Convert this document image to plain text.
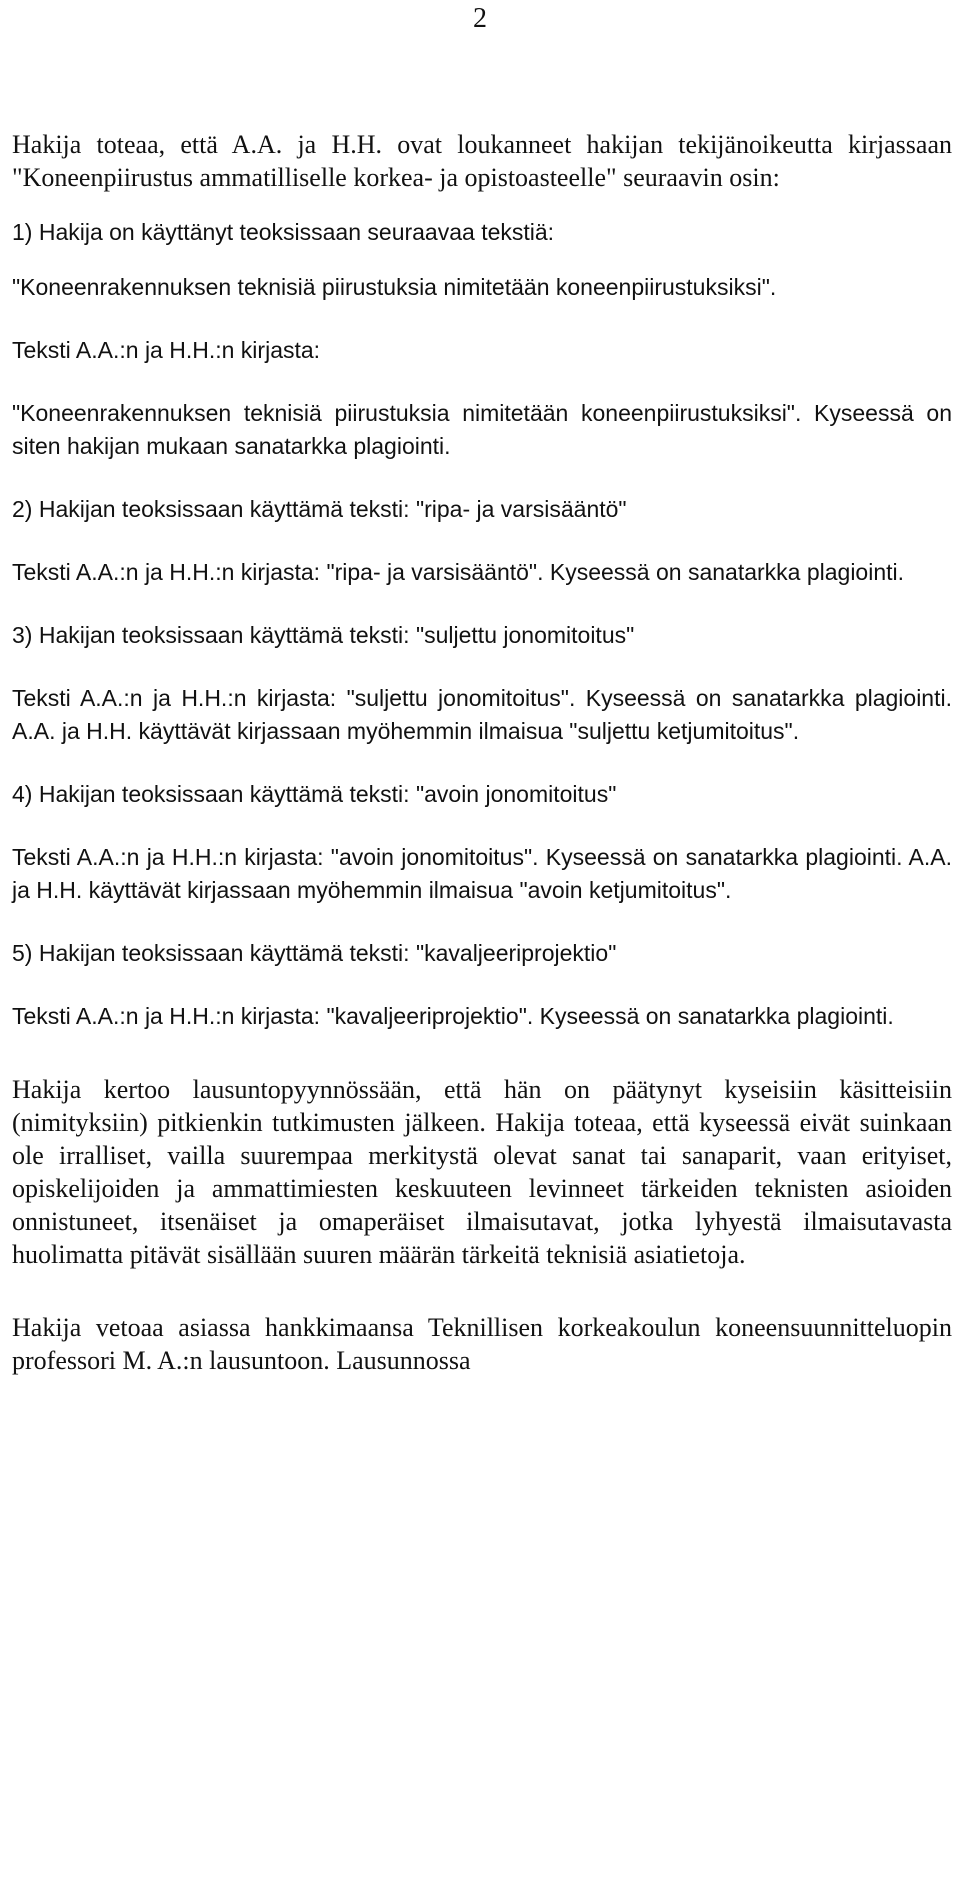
2

Hakija toteaa, että A.A. ja H.H. ovat loukanneet hakijan tekijänoikeutta kirjassaan "Koneenpiirustus ammatilliselle korkea- ja opistoasteelle" seuraavin osin:

1) Hakija on käyttänyt teoksissaan seuraavaa tekstiä:

"Koneenrakennuksen teknisiä piirustuksia nimitetään koneenpiirustuksiksi".

Teksti A.A.:n ja H.H.:n kirjasta:

"Koneenrakennuksen teknisiä piirustuksia nimitetään koneenpiirustuksiksi". Kyseessä on siten hakijan mukaan sanatarkka plagiointi.

2) Hakijan teoksissaan käyttämä teksti: "ripa- ja varsisääntö"

Teksti A.A.:n ja H.H.:n kirjasta: "ripa- ja varsisääntö". Kyseessä on sanatarkka plagiointi.

3) Hakijan teoksissaan käyttämä teksti: "suljettu jonomitoitus"

Teksti A.A.:n ja H.H.:n kirjasta: "suljettu jonomitoitus". Kyseessä on sanatarkka plagiointi. A.A. ja H.H. käyttävät kirjassaan myöhemmin ilmaisua "suljettu ketjumitoitus".

4) Hakijan teoksissaan käyttämä teksti: "avoin jonomitoitus"

Teksti A.A.:n ja H.H.:n kirjasta: "avoin jonomitoitus". Kyseessä on sanatarkka plagiointi. A.A. ja H.H. käyttävät kirjassaan myöhemmin ilmaisua "avoin ketjumitoitus".

5) Hakijan teoksissaan käyttämä teksti: "kavaljeeriprojektio"

Teksti A.A.:n ja H.H.:n kirjasta: "kavaljeeriprojektio". Kyseessä on sanatarkka plagiointi.

Hakija kertoo lausuntopyynnössään, että hän on päätynyt kyseisiin käsitteisiin (nimityksiin) pitkienkin tutkimusten jälkeen. Hakija toteaa, että kyseessä eivät suinkaan ole irralliset, vailla suurempaa merkitystä olevat sanat tai sanaparit, vaan erityiset, opiskelijoiden ja ammattimiesten keskuuteen levinneet tärkeiden teknisten asioiden onnistuneet, itsenäiset ja omaperäiset ilmaisutavat, jotka lyhyestä ilmaisutavasta huolimatta pitävät sisällään suuren määrän tärkeitä teknisiä asiatietoja.

Hakija vetoaa asiassa hankkimaansa Teknillisen korkeakoulun koneensuunnitteluopin professori M. A.:n lausuntoon. Lausunnossa
